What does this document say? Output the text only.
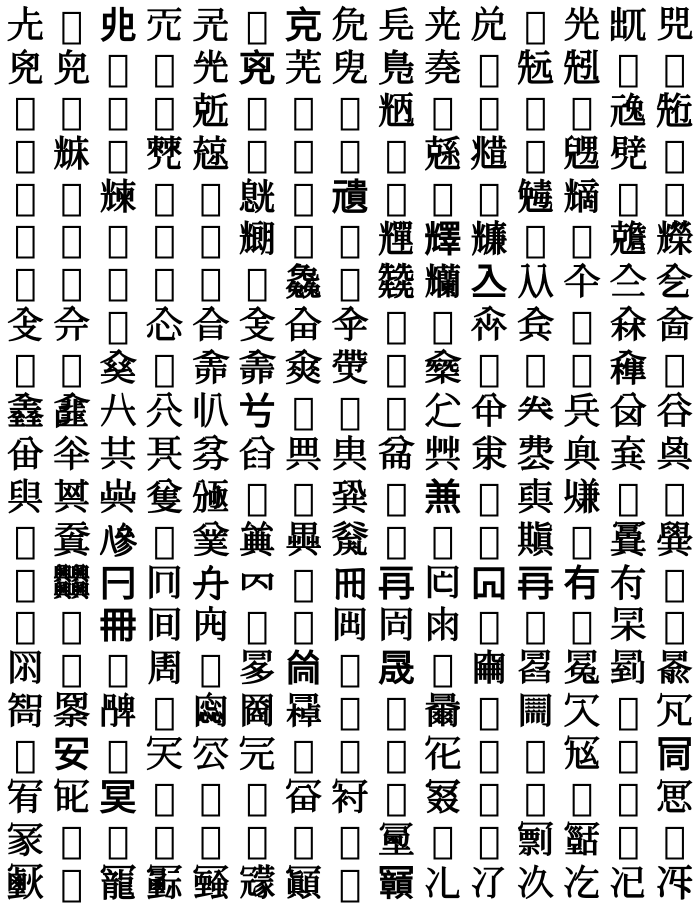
𠑷 𠑸 𠑹 𠑺 𠑻 𠑼 𠑽 𠑾 𠑿 𠒀 𠒁 𠒂 𠒃 𠒄 𠒅
𠒆 𠒇 𠒈 𠒉 𠒊 𠒋 𠒌 𠒍 𠒎 𠒏 𠒐 𠒑 𠒒 𠒓 𠒔
𠒕 𠒖 𠒗 𠒘 𠒙 𠒚 𠒛 𠒜 𠒝 𠒞 𠒟 𠒠 𠒡 𠒢 𠒣
𠒤 𠒥 𠒦 𠒧 𠒨 𠒩 𠒪 𠒫 𠒬 𠒭 𠒮 𠒯 𠒰 𠒱 𠒲
𠒳 𠒴 𠒵 𠒶 𠒷 𠒸 𠒹 𠒺 𠒻 𠒼 𠒽 𠒾 𠒿 𠓀 𠓁
𠓂 𠓃 𠓄 𠓅 𠓆 𠓇 𠓈 𠓉 𠓊 𠓋 𠓌 𠓍 𠓎 𠓏 𠓐
𠓑 𠓒 𠓓 𠓔 𠓕 𠓖 𠓗 𠓘 𠓙 𠓚 𠓛 𠓜 𠓝 𠓞 𠓟
𠓠 𠓡 𠓢 𠓣 𠓤 𠓥 𠓦 𠓧 𠓨 𠓩 𠓪 𠓫 𠓬 𠓭 𠓮
𠓯 𠓰 𠓱 𠓲 𠓳 𠓴 𠓵 𠓶 𠓷 𠓸 𠓹 𠓺 𠓻 𠓼 𠓽
𠓾 𠓿 𠔀 𠔁 𠔂 𠔃 𠔄 𠔅 𠔆 𠔇 𠔈 𠔉 𠔊 𠔋 𠔌
𠔍 𠔎 𠔏 𠔐 𠔑 𠔒 𠔓 𠔔 𠔕 𠔖 𠔗 𠔘 𠔙 𠔚 𠔛
𠔜 𠔝 𠔞 𠔟 𠔠 𠔡 𠔢 𠔣 𠔤 𠔥 𠔦 𠔧 𠔨 𠔩 𠔪
𠔫 𠔬 𠔭 𠔮 𠔯 𠔰 𠔱 𠔲 𠔳 𠔴 𠔵 𠔶 𠔷 𠔸 𠔹
𠔺 𠔻 𠔼 𠔽 𠔾 𠔿 𠕀 𠕁 𠕂 𠕃 𠕄 𠕅 𠕆 𠕇 𠕈
𠕉 𠕊 𠕋 𠕌 𠕍 𠕎 𠕏 𠕐 𠕑 𠕒 𠕓 𠕔 𠕕 𠕖 𠕗
𠕘 𠕙 𠕚 𠕛 𠕜 𠕝 𠕞 𠕟 𠕠 𠕡 𠕢 𠕣 𠕤 𠕥 𠕦
𠕧 𠕨 𠕩 𠕪 𠕫 𠕬 𠕭 𠕮 𠕯 𠕰 𠕱 𠕲 𠕳 𠕴 𠕵
𠕶 𠕷 𠕸 𠕹 𠕺 𠕻 𠕼 𠕽 𠕾 𠕿 𠖀 𠖁 𠖂 𠖃 𠖄
𠖅 𠖆 𠖇 𠖈 𠖉 𠖊 𠖋 𠖌 𠖍 𠖎 𠖏 𠖐 𠖑 𠖒 𠖓
𠖔 𠖕 𠖖 𠖗 𠖘 𠖙 𠖚 𠖛 𠖜 𠖝 𠖞 𠖟 𠖠 𠖡 𠖢
𠖣 𠖤 𠖥 𠖦 𠖧 𠖨 𠖩 𠖪 𠖫 𠖬 𠖭 𠖮 𠖯 𠖰 𠖱
